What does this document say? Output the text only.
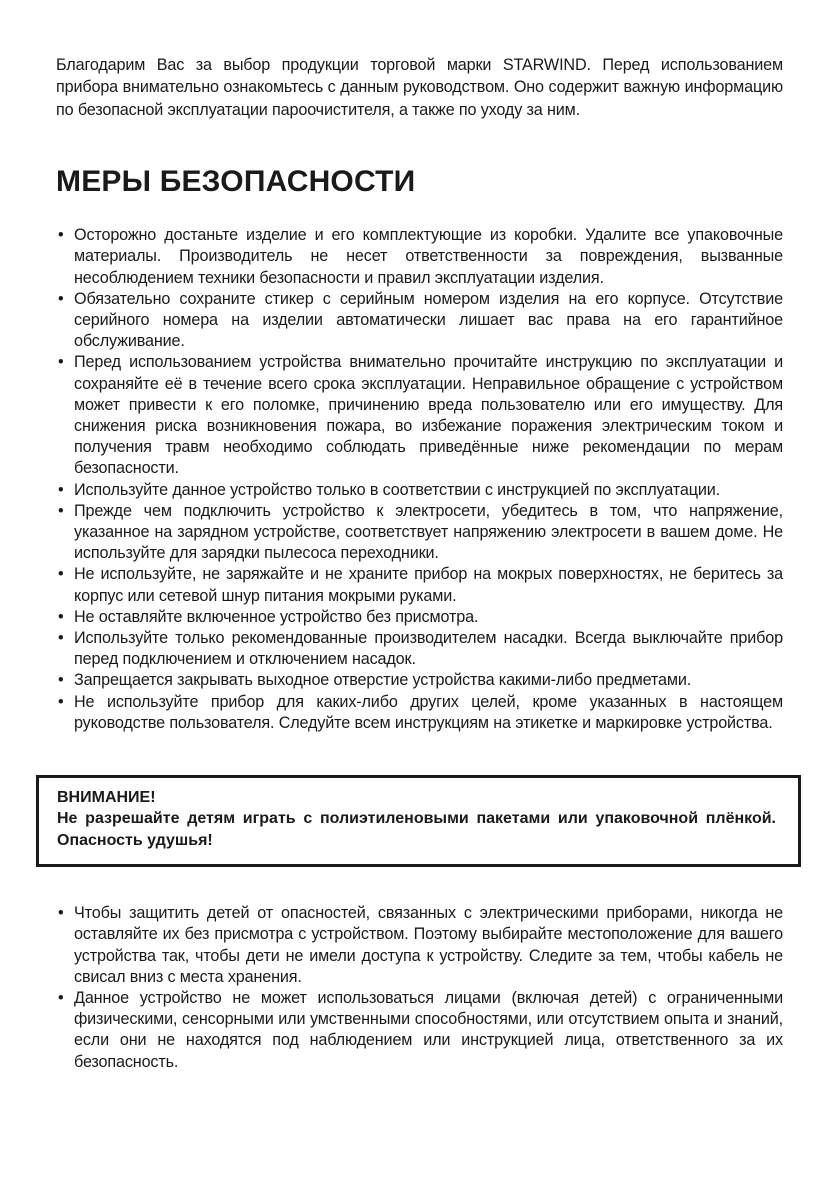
Благодарим Вас за выбор продукции торговой марки STARWIND. Перед использованием прибора внимательно ознакомьтесь с данным руководством. Оно содержит важную информацию по безопасной эксплуатации пароочистителя, а также по уходу за ним.

МЕРЫ БЕЗОПАСНОСТИ
• Осторожно достаньте изделие и его комплектующие из коробки. Удалите все упаковочные материалы. Производитель не несет ответственности за повреждения, вызванные несоблюдением техники безопасности и правил эксплуатации изделия.
• Обязательно сохраните стикер с серийным номером изделия на его корпусе. Отсутствие серийного номера на изделии автоматически лишает вас права на его гарантийное обслуживание.
• Перед использованием устройства внимательно прочитайте инструкцию по эксплуатации и сохраняйте её в течение всего срока эксплуатации. Неправильное обращение с устройством может привести к его поломке, причинению вреда пользователю или его имуществу. Для снижения риска возникновения пожара, во избежание поражения электрическим током и получения травм необходимо соблюдать приведённые ниже рекомендации по мерам безопасности.
• Используйте данное устройство только в соответствии с инструкцией по эксплуатации.
• Прежде чем подключить устройство к электросети, убедитесь в том, что напряжение, указанное на зарядном устройстве, соответствует напряжению электросети в вашем доме. Не используйте для зарядки пылесоса переходники.
• Не используйте, не заряжайте и не храните прибор на мокрых поверхностях, не беритесь за корпус или сетевой шнур питания мокрыми руками.
• Не оставляйте включенное устройство без присмотра.
• Используйте только рекомендованные производителем насадки. Всегда выключайте прибор перед подключением и отключением насадок.
• Запрещается закрывать выходное отверстие устройства какими-либо предметами.
• Не используйте прибор для каких-либо других целей, кроме указанных в настоящем руководстве пользователя. Следуйте всем инструкциям на этикетке и маркировке устройства.

ВНИМАНИЕ!

Не разрешайте детям играть с полиэтиленовыми пакетами или упаковочной плёнкой. Опасность удушья!

• Чтобы защитить детей от опасностей, связанных с электрическими приборами, никогда не оставляйте их без присмотра с устройством. Поэтому выбирайте местоположение для вашего устройства так, чтобы дети не имели доступа к устройству. Следите за тем, чтобы кабель не свисал вниз с места хранения.
• Данное устройство не может использоваться лицами (включая детей) с ограниченными физическими, сенсорными или умственными способностями, или отсутствием опыта и знаний, если они не находятся под наблюдением или инструкцией лица, ответственного за их безопасность.
